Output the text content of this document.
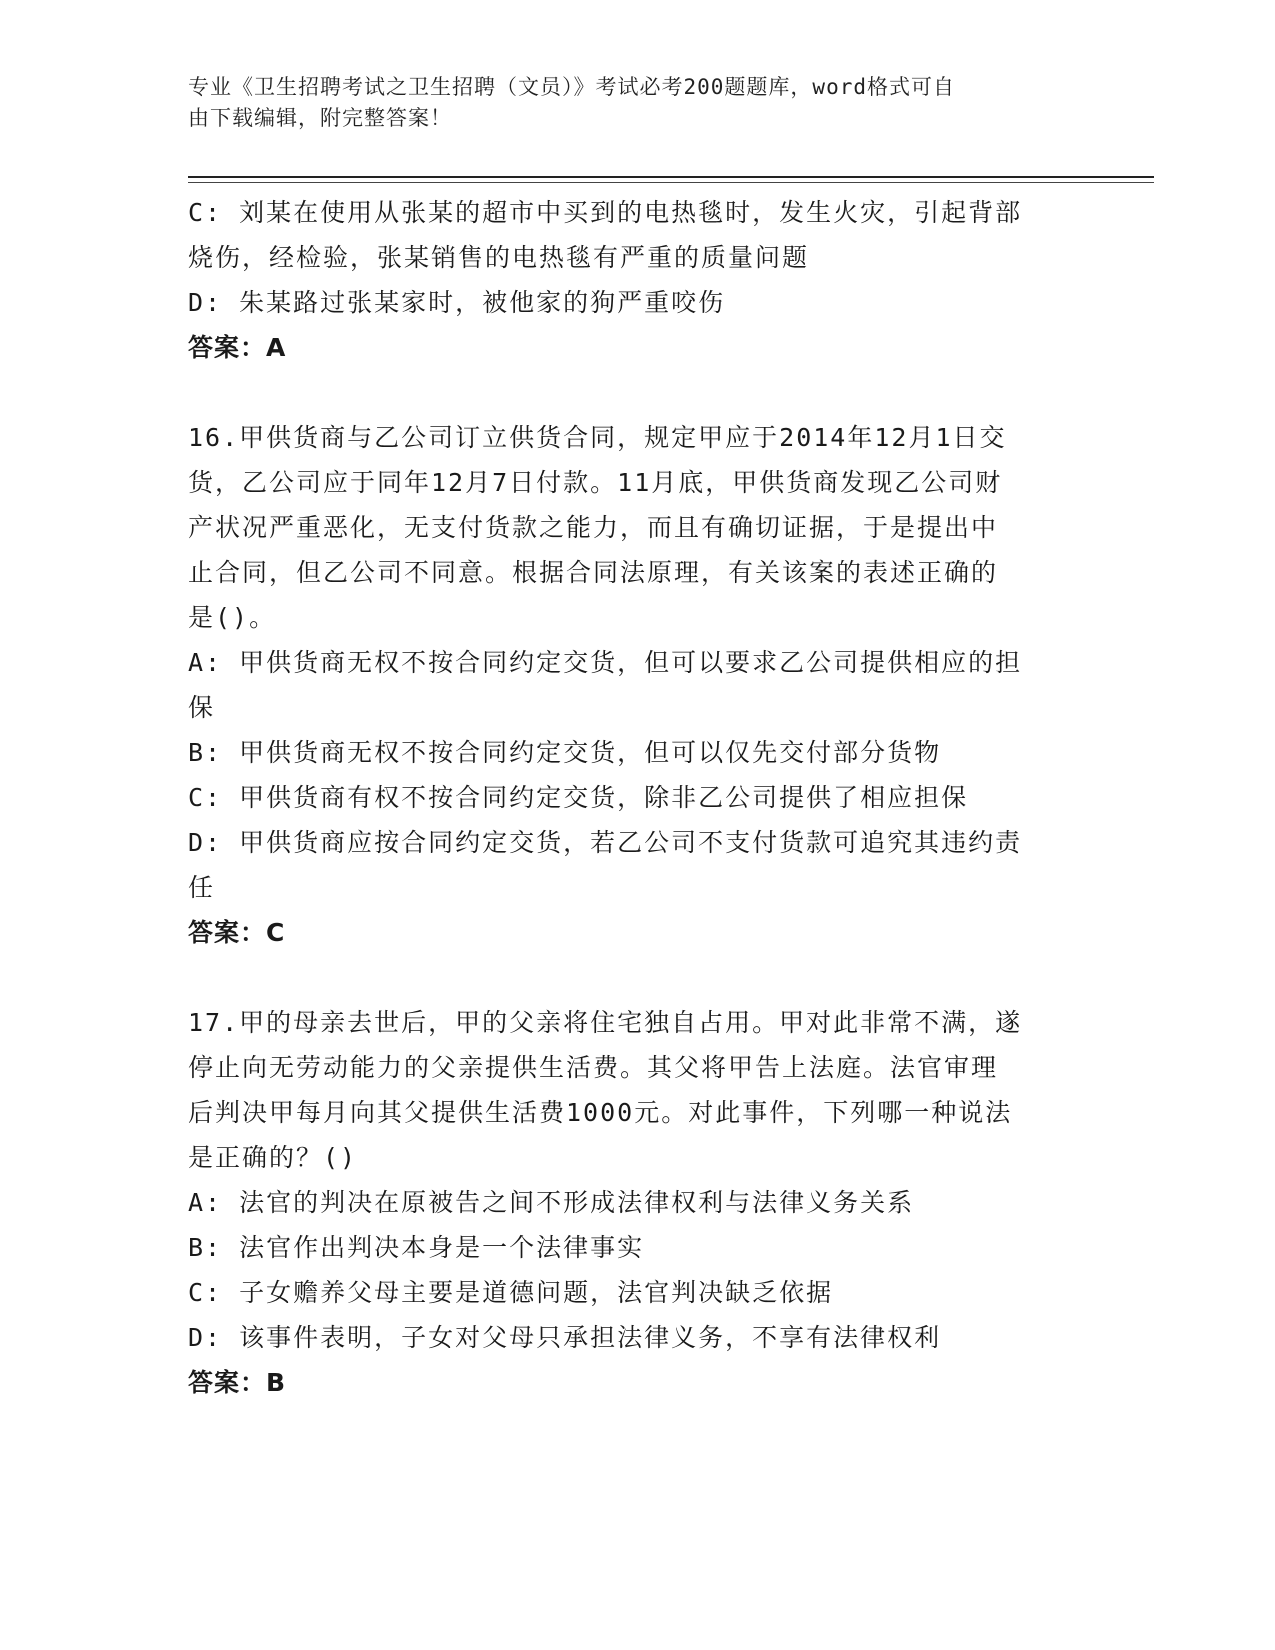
专业《卫生招聘考试之卫生招聘（文员）》考试必考200题题库，word格式可自
由下载编辑，附完整答案！
C: 刘某在使用从张某的超市中买到的电热毯时，发生火灾，引起背部
烧伤，经检验，张某销售的电热毯有严重的质量问题
D: 朱某路过张某家时，被他家的狗严重咬伤
答案：A
16.甲供货商与乙公司订立供货合同，规定甲应于2014年12月1日交
货，乙公司应于同年12月7日付款。11月底，甲供货商发现乙公司财
产状况严重恶化，无支付货款之能力，而且有确切证据，于是提出中
止合同，但乙公司不同意。根据合同法原理，有关该案的表述正确的
是()。
A: 甲供货商无权不按合同约定交货，但可以要求乙公司提供相应的担
保
B: 甲供货商无权不按合同约定交货，但可以仅先交付部分货物
C: 甲供货商有权不按合同约定交货，除非乙公司提供了相应担保
D: 甲供货商应按合同约定交货，若乙公司不支付货款可追究其违约责
任
答案：C
17.甲的母亲去世后，甲的父亲将住宅独自占用。甲对此非常不满，遂
停止向无劳动能力的父亲提供生活费。其父将甲告上法庭。法官审理
后判决甲每月向其父提供生活费1000元。对此事件，下列哪一种说法
是正确的？()
A: 法官的判决在原被告之间不形成法律权利与法律义务关系
B: 法官作出判决本身是一个法律事实
C: 子女赡养父母主要是道德问题，法官判决缺乏依据
D: 该事件表明，子女对父母只承担法律义务，不享有法律权利
答案：B
